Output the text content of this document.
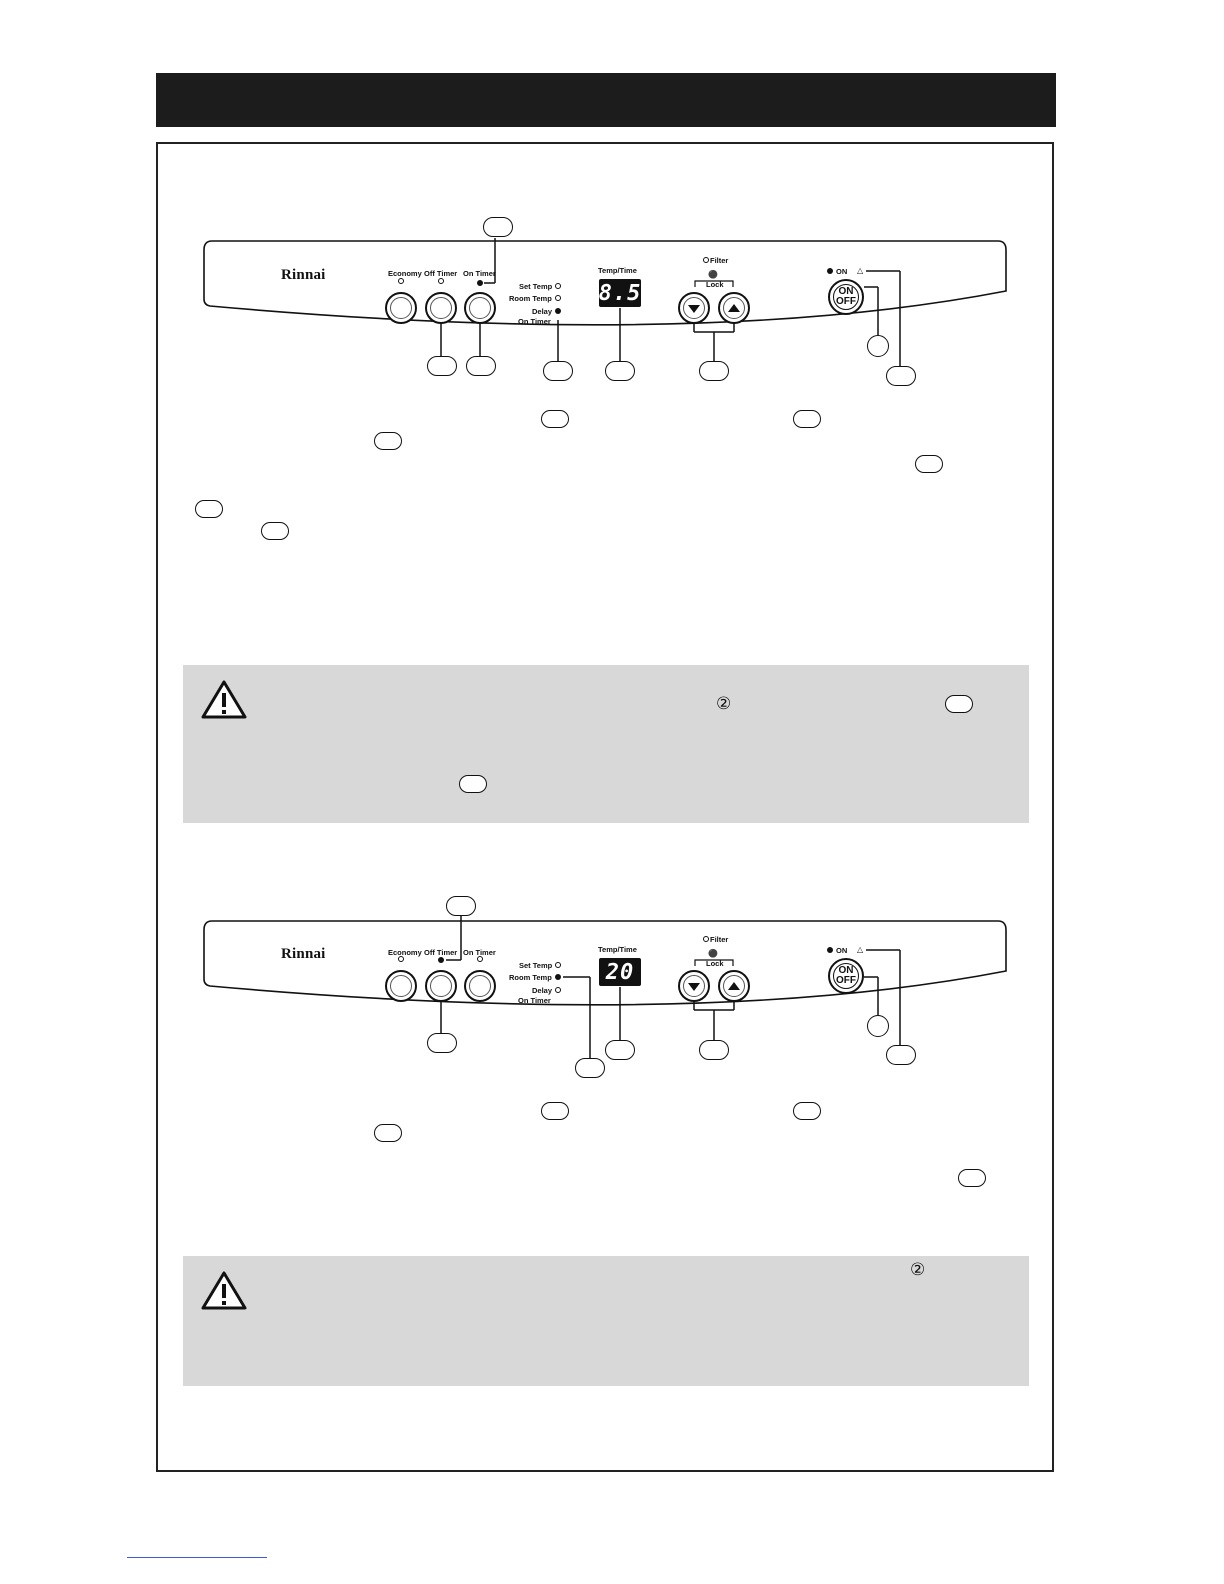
Rinnai	Economy Off Timer On Timer
Set Temp
Room Temp
Delay
On Timer
Temp/Time
8.5
Filter
⚫
Lock
ON △
ON
OFF
②
Rinnai	Economy Off Timer On Timer
Set Temp
Room Temp
Delay
On Timer
Temp/Time
20
Filter
⚫
Lock
ON △
ON
OFF
②
